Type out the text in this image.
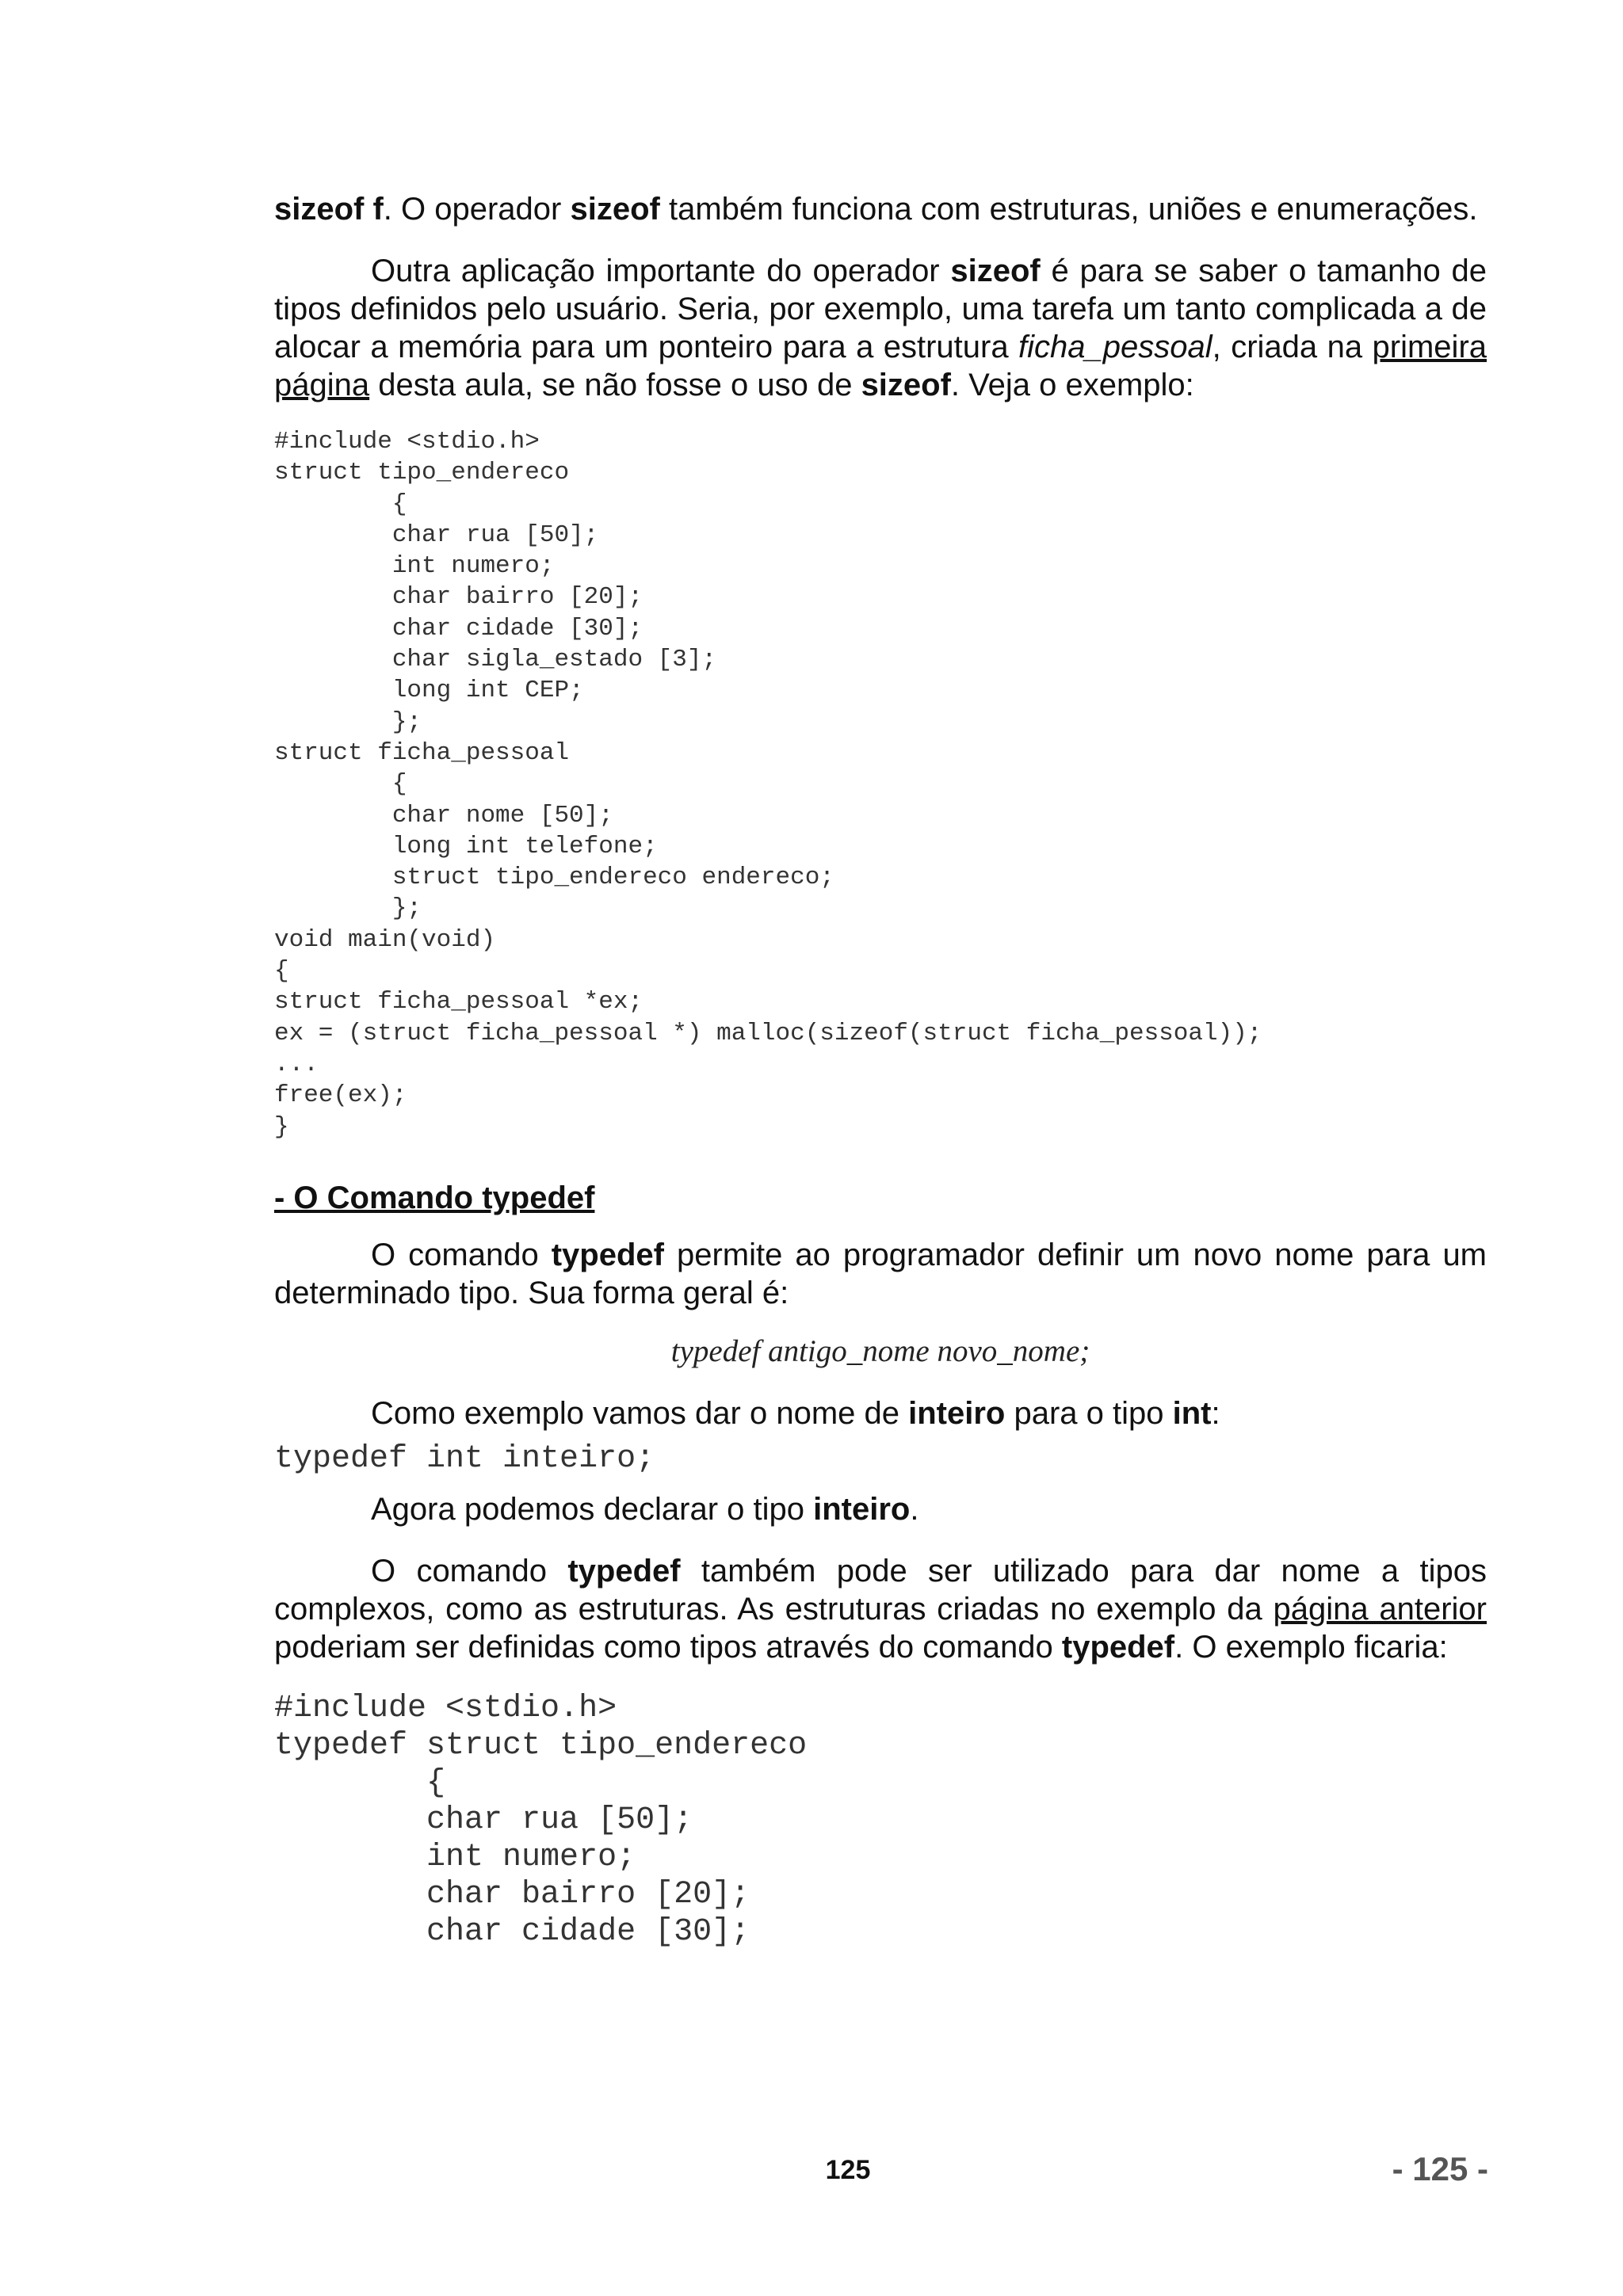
sizeof f. O operador sizeof também funciona com estruturas, uniões e enumerações.

Outra aplicação importante do operador sizeof é para se saber o tamanho de tipos definidos pelo usuário. Seria, por exemplo, uma tarefa um tanto complicada a de alocar a memória para um ponteiro para a estrutura ficha_pessoal, criada na primeira página desta aula, se não fosse o uso de sizeof. Veja o exemplo:

#include <stdio.h>
struct tipo_endereco
{
char rua [50];
int numero;
char bairro [20];
char cidade [30];
char sigla_estado [3];
long int CEP;
};
struct ficha_pessoal
{
char nome [50];
long int telefone;
struct tipo_endereco endereco;
};
void main(void)
{
struct ficha_pessoal *ex;
ex = (struct ficha_pessoal *) malloc(sizeof(struct ficha_pessoal));
...
free(ex);
}
- O Comando typedef

O comando typedef permite ao programador definir um novo nome para um determinado tipo. Sua forma geral é:

typedef antigo_nome novo_nome;

Como exemplo vamos dar o nome de inteiro para o tipo int:

typedef int inteiro;

Agora podemos declarar o tipo inteiro.

O comando typedef também pode ser utilizado para dar nome a tipos complexos, como as estruturas. As estruturas criadas no exemplo da página anterior poderiam ser definidas como tipos através do comando typedef. O exemplo ficaria:

#include <stdio.h>
typedef struct tipo_endereco
{
char rua [50];
int numero;
char bairro [20];
char cidade [30];
125	- 125 -
